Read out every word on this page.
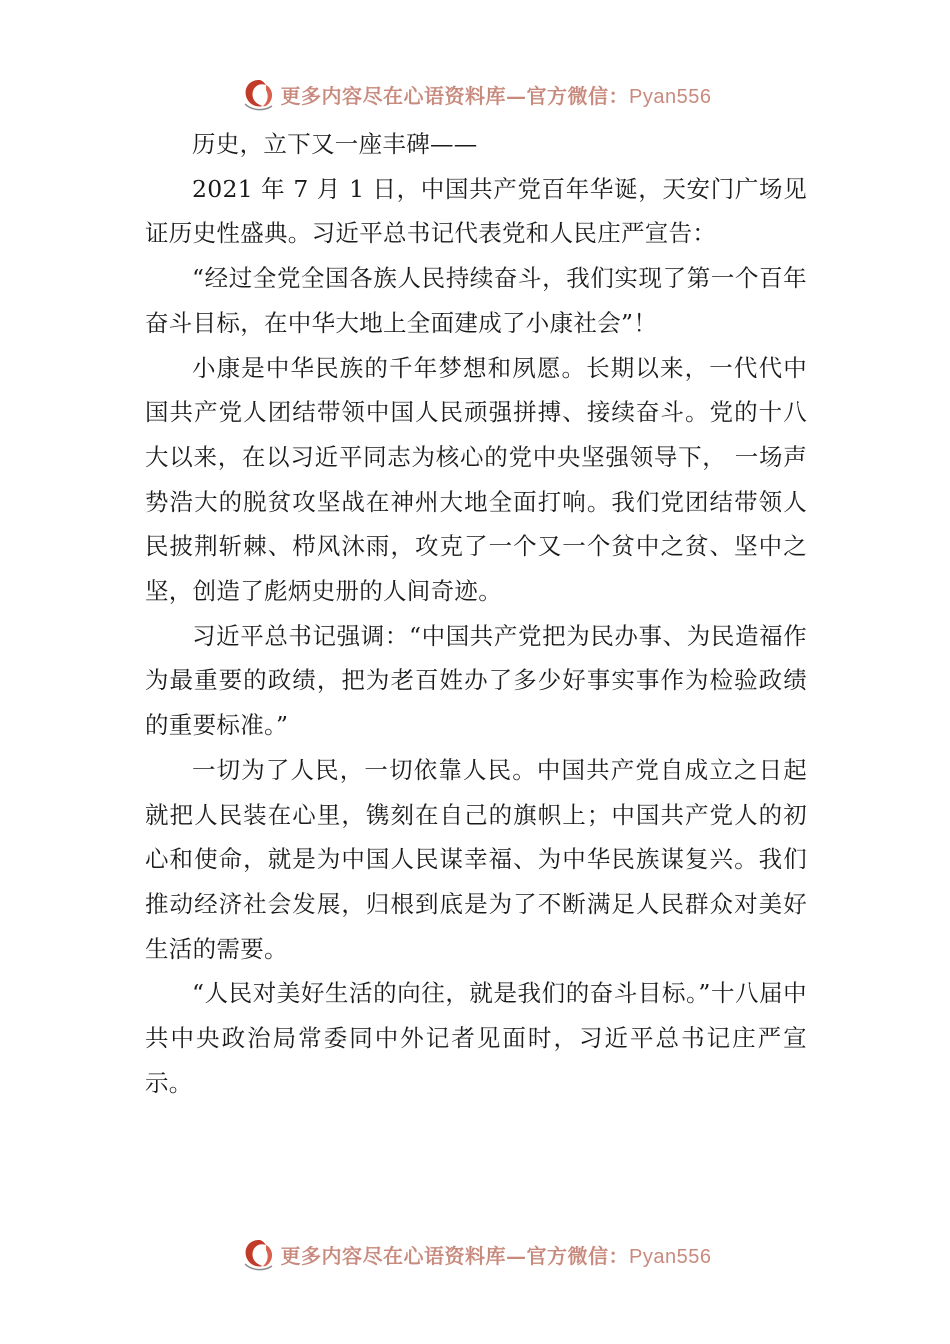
更多内容尽在心语资料库—官方微信：Pyan556

历史，立下又一座丰碑——

2021 年 7 月 1 日，中国共产党百年华诞，天安门广场见证历史性盛典。习近平总书记代表党和人民庄严宣告：

“经过全党全国各族人民持续奋斗，我们实现了第一个百年奋斗目标，在中华大地上全面建成了小康社会”！

小康是中华民族的千年梦想和夙愿。长期以来，一代代中国共产党人团结带领中国人民顽强拼搏、接续奋斗。党的十八大以来，在以习近平同志为核心的党中央坚强领导下， 一场声势浩大的脱贫攻坚战在神州大地全面打响。我们党团结带领人民披荆斩棘、栉风沐雨，攻克了一个又一个贫中之贫、坚中之坚，创造了彪炳史册的人间奇迹。

习近平总书记强调：“中国共产党把为民办事、为民造福作为最重要的政绩，把为老百姓办了多少好事实事作为检验政绩的重要标准。”

一切为了人民，一切依靠人民。中国共产党自成立之日起就把人民装在心里，镌刻在自己的旗帜上；中国共产党人的初心和使命，就是为中国人民谋幸福、为中华民族谋复兴。我们推动经济社会发展，归根到底是为了不断满足人民群众对美好生活的需要。

“人民对美好生活的向往，就是我们的奋斗目标。”十八届中共中央政治局常委同中外记者见面时，习近平总书记庄严宣示。

更多内容尽在心语资料库—官方微信：Pyan556
